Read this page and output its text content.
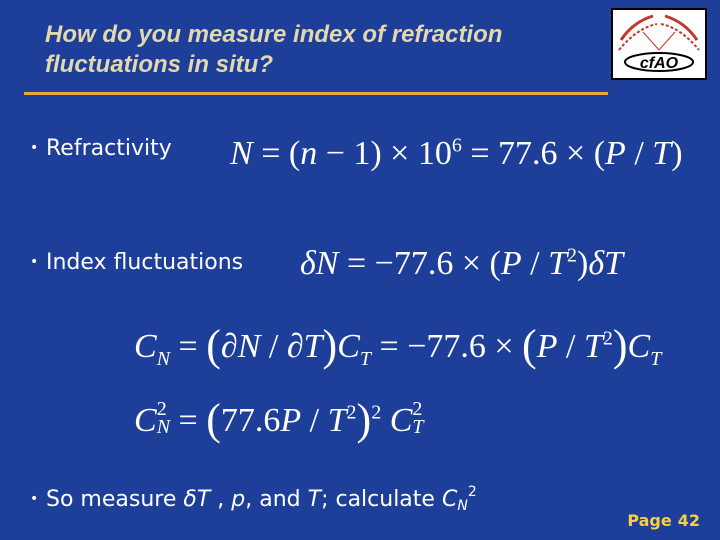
How do you measure index of refraction
fluctuations in situ?	cfAO
• Refractivity $N = (n - 1) \times 10^6 = 77.6 \times (P / T)$
• Index fluctuations $\delta N = -77.6 \times (P / T^2)\delta T$
$C_N = (\partial N / \partial T)C_T = -77.6 \times (P / T^2)C_T$
C 2
$N = (77.6P / T^2)^2$ C 2
T
• So measure δT , p, and T; calculate $CN^2$
Page 42
